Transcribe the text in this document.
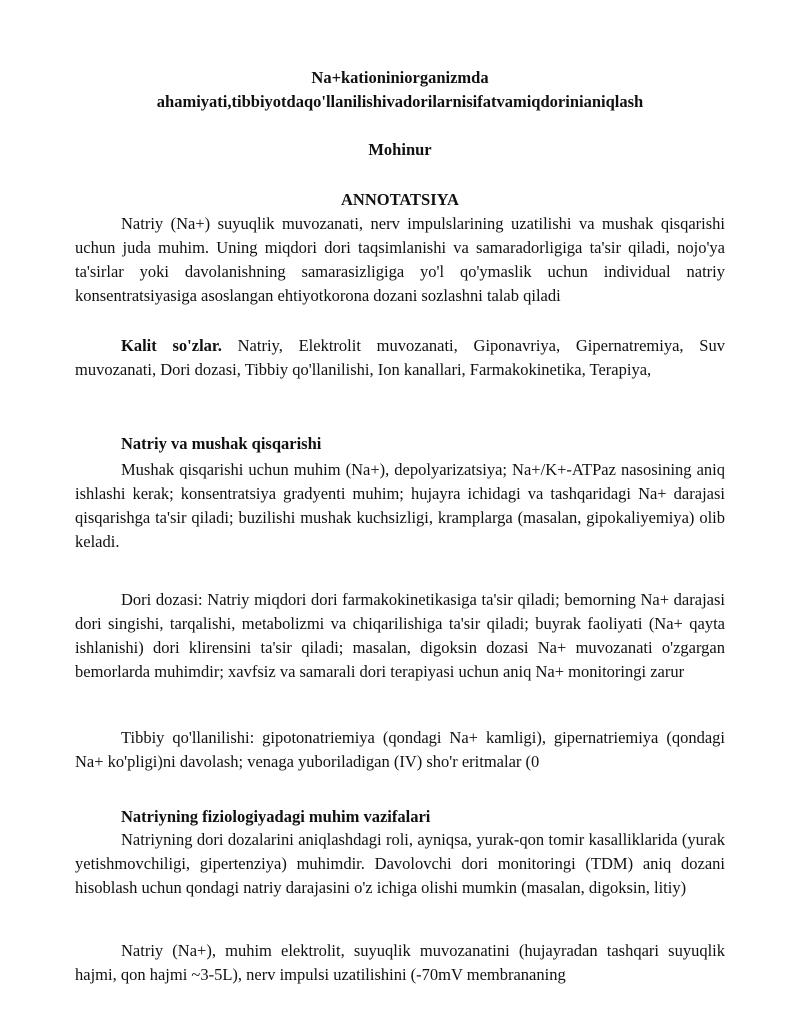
Na+kationiniorganizmda
ahamiyati,tibbiyotdaqo'llanilishivadorilarnisifatvamiqdorinianiqlash
Mohinur
ANNOTATSIYA
Natriy (Na+) suyuqlik muvozanati, nerv impulslarining uzatilishi va mushak qisqarishi uchun juda muhim. Uning miqdori dori taqsimlanishi va samaradorligiga ta'sir qiladi, nojo'ya ta'sirlar yoki davolanishning samarasizligiga yo'l qo'ymaslik uchun individual natriy konsentratsiyasiga asoslangan ehtiyotkorona dozani sozlashni talab qiladi
Kalit so'zlar. Natriy, Elektrolit muvozanati, Giponavriya, Gipernatremiya, Suv muvozanati, Dori dozasi, Tibbiy qo'llanilishi, Ion kanallari, Farmakokinetika, Terapiya,
Natriy va mushak qisqarishi
Mushak qisqarishi uchun muhim (Na+), depolyarizatsiya; Na+/K+-ATPaz nasosining aniq ishlashi kerak; konsentratsiya gradyenti muhim; hujayra ichidagi va tashqaridagi Na+ darajasi qisqarishga ta'sir qiladi; buzilishi mushak kuchsizligi, kramplarga (masalan, gipokaliyemiya) olib keladi.
Dori dozasi: Natriy miqdori dori farmakokinetikasiga ta'sir qiladi; bemorning Na+ darajasi dori singishi, tarqalishi, metabolizmi va chiqarilishiga ta'sir qiladi; buyrak faoliyati (Na+ qayta ishlanishi) dori klirensini ta'sir qiladi; masalan, digoksin dozasi Na+ muvozanati o'zgargan bemorlarda muhimdir; xavfsiz va samarali dori terapiyasi uchun aniq Na+ monitoringi zarur
Tibbiy qo'llanilishi: gipotonatriemiya (qondagi Na+ kamligi), gipernatriemiya (qondagi Na+ ko'pligi)ni davolash; venaga yuboriladigan (IV) sho'r eritmalar (0
Natriyning fiziologiyadagi muhim vazifalari
Natriyning dori dozalarini aniqlashdagi roli, ayniqsa, yurak-qon tomir kasalliklarida (yurak yetishmovchiligi, gipertenziya) muhimdir. Davolovchi dori monitoringi (TDM) aniq dozani hisoblash uchun qondagi natriy darajasini o'z ichiga olishi mumkin (masalan, digoksin, litiy)
Natriy (Na+), muhim elektrolit, suyuqlik muvozanatini (hujayradan tashqari suyuqlik hajmi, qon hajmi ~3-5L), nerv impulsi uzatilishini (-70mV membrananing
